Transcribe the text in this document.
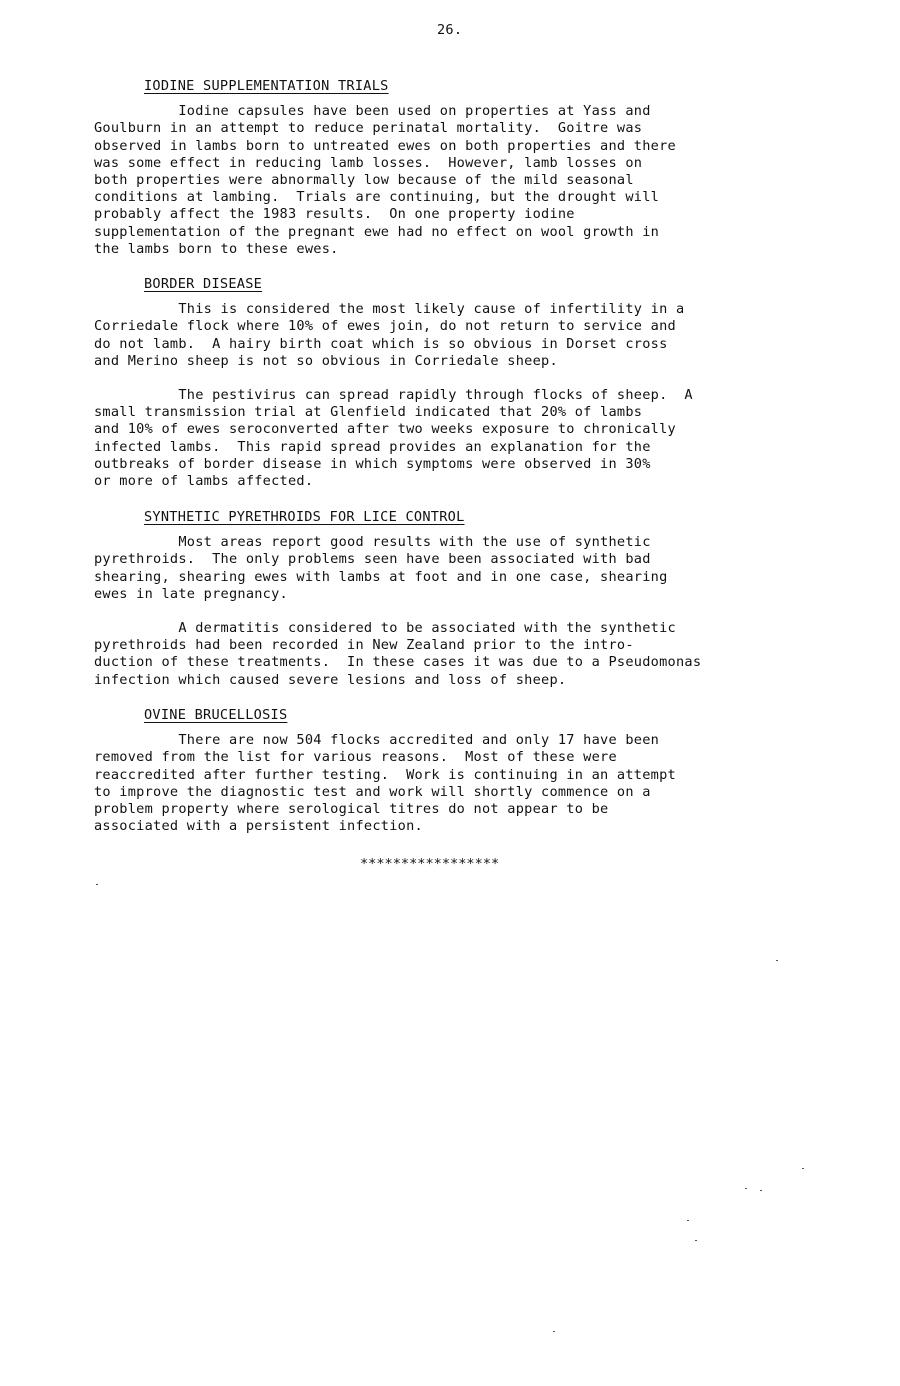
26.
IODINE SUPPLEMENTATION TRIALS
Iodine capsules have been used on properties at Yass and
Goulburn in an attempt to reduce perinatal mortality.  Goitre was
observed in lambs born to untreated ewes on both properties and there
was some effect in reducing lamb losses.  However, lamb losses on
both properties were abnormally low because of the mild seasonal
conditions at lambing.  Trials are continuing, but the drought will
probably affect the 1983 results.  On one property iodine
supplementation of the pregnant ewe had no effect on wool growth in
the lambs born to these ewes.
BORDER DISEASE
This is considered the most likely cause of infertility in a
Corriedale flock where 10% of ewes join, do not return to service and
do not lamb.  A hairy birth coat which is so obvious in Dorset cross
and Merino sheep is not so obvious in Corriedale sheep.
The pestivirus can spread rapidly through flocks of sheep.  A
small transmission trial at Glenfield indicated that 20% of lambs
and 10% of ewes seroconverted after two weeks exposure to chronically
infected lambs.  This rapid spread provides an explanation for the
outbreaks of border disease in which symptoms were observed in 30%
or more of lambs affected.
SYNTHETIC PYRETHROIDS FOR LICE CONTROL
Most areas report good results with the use of synthetic
pyrethroids.  The only problems seen have been associated with bad
shearing, shearing ewes with lambs at foot and in one case, shearing
ewes in late pregnancy.
A dermatitis considered to be associated with the synthetic
pyrethroids had been recorded in New Zealand prior to the intro-
duction of these treatments.  In these cases it was due to a Pseudomonas
infection which caused severe lesions and loss of sheep.
OVINE BRUCELLOSIS
There are now 504 flocks accredited and only 17 have been
removed from the list for various reasons.  Most of these were
reaccredited after further testing.  Work is continuing in an attempt
to improve the diagnostic test and work will shortly commence on a
problem property where serological titres do not appear to be
associated with a persistent infection.
*****************
